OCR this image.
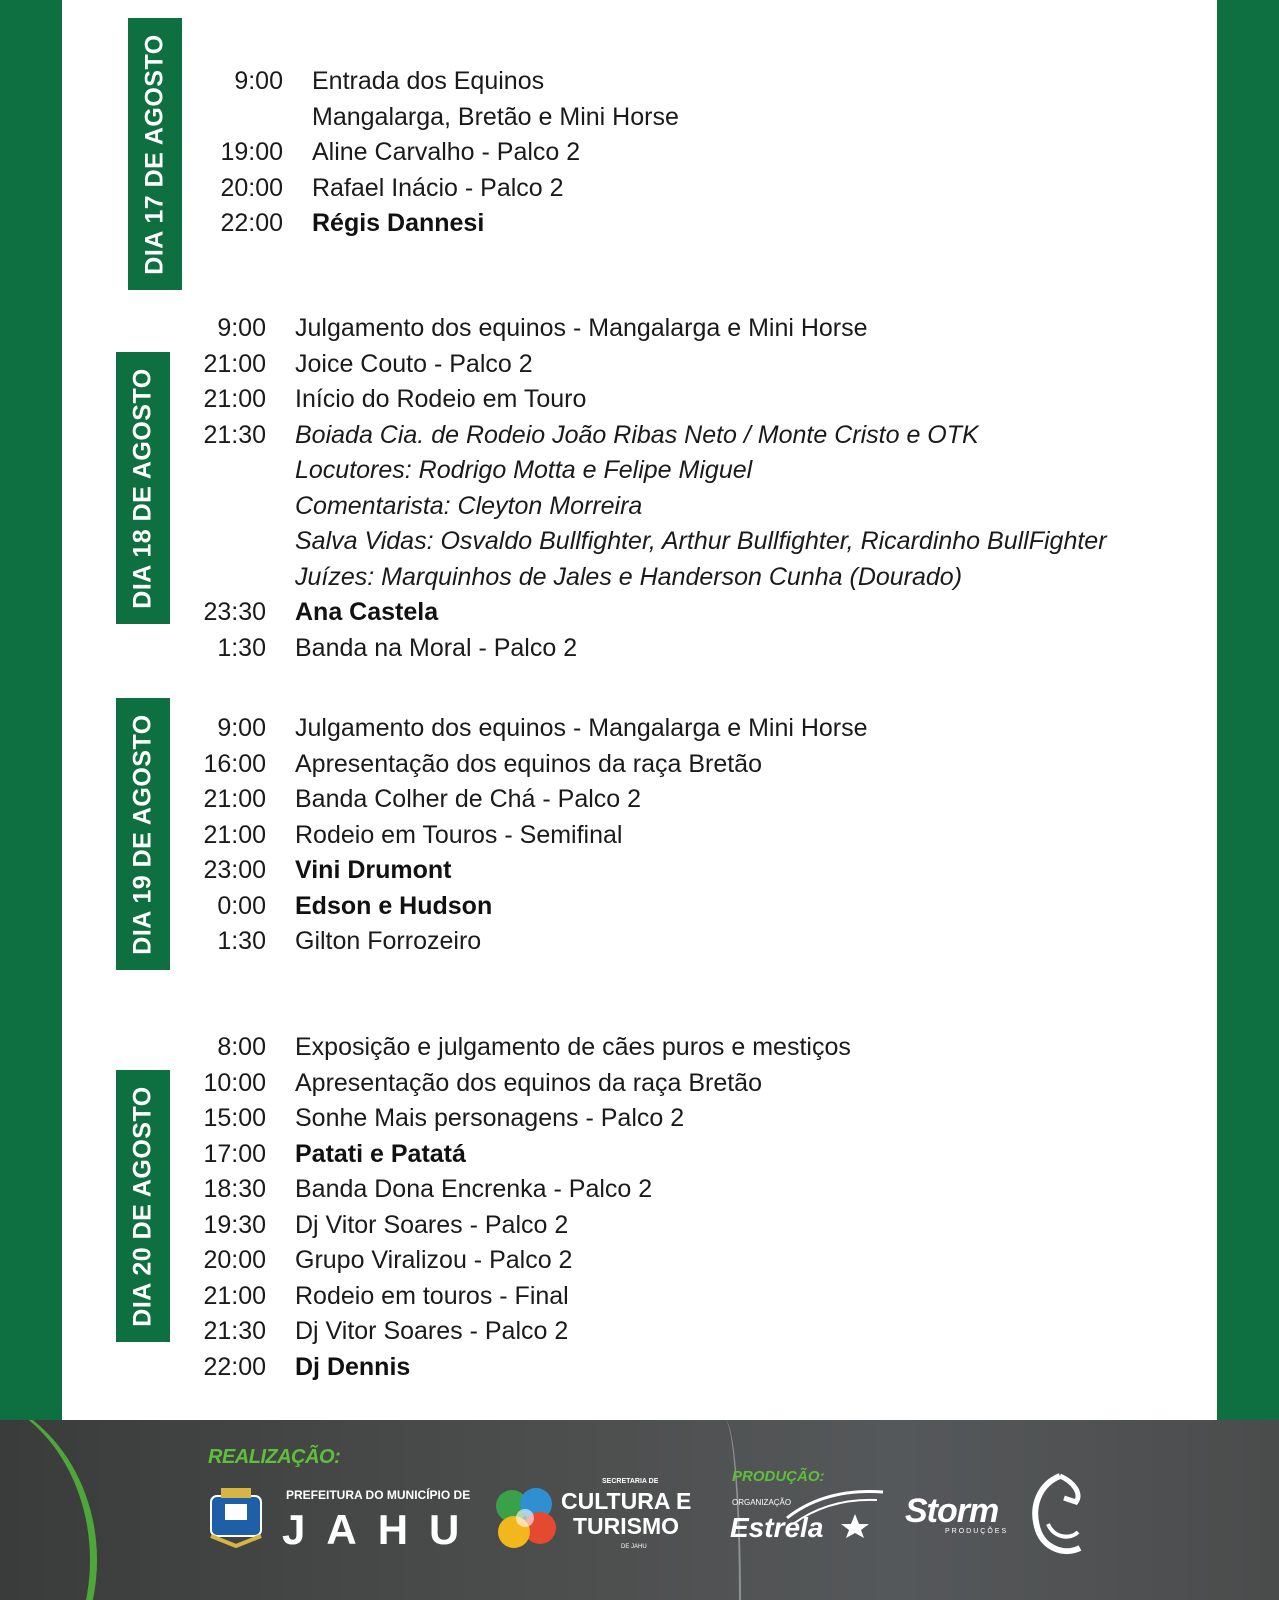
DIA 17 DE AGOSTO
DIA 18 DE AGOSTO
DIA 19 DE AGOSTO
DIA 20 DE AGOSTO
9:00 Entrada dos Equinos
Mangalarga, Bretão e Mini Horse
19:00 Aline Carvalho - Palco 2
20:00 Rafael Inácio - Palco 2
22:00 Régis Dannesi
9:00 Julgamento dos equinos - Mangalarga e Mini Horse
21:00 Joice Couto - Palco 2
21:00 Início do Rodeio em Touro
21:30 Boiada Cia. de Rodeio João Ribas Neto / Monte Cristo e OTK
Locutores: Rodrigo Motta e Felipe Miguel
Comentarista: Cleyton Morreira
Salva Vidas: Osvaldo Bullfighter, Arthur Bullfighter, Ricardinho BullFighter
Juízes: Marquinhos de Jales e Handerson Cunha (Dourado)
23:30 Ana Castela
1:30 Banda na Moral - Palco 2
9:00 Julgamento dos equinos - Mangalarga e Mini Horse
16:00 Apresentação dos equinos da raça Bretão
21:00 Banda Colher de Chá - Palco 2
21:00 Rodeio em Touros - Semifinal
23:00 Vini Drumont
0:00 Edson e Hudson
1:30 Gilton Forrozeiro
8:00 Exposição e julgamento de cães puros e mestiços
10:00 Apresentação dos equinos da raça Bretão
15:00 Sonhe Mais personagens - Palco 2
17:00 Patati e Patatá
18:30 Banda Dona Encrenka - Palco 2
19:30 Dj Vitor Soares - Palco 2
20:00 Grupo Viralizou - Palco 2
21:00 Rodeio em touros - Final
21:30 Dj Vitor Soares - Palco 2
22:00 Dj Dennis
REALIZAÇÃO:
PREFEITURA DO MUNICÍPIO DE
JAHU
SECRETARIA DE
CULTURA E
TURISMO
DE JAHU
PRODUÇÃO:
ORGANIZAÇÃO
Estrela Storm
PRODUÇÕES
